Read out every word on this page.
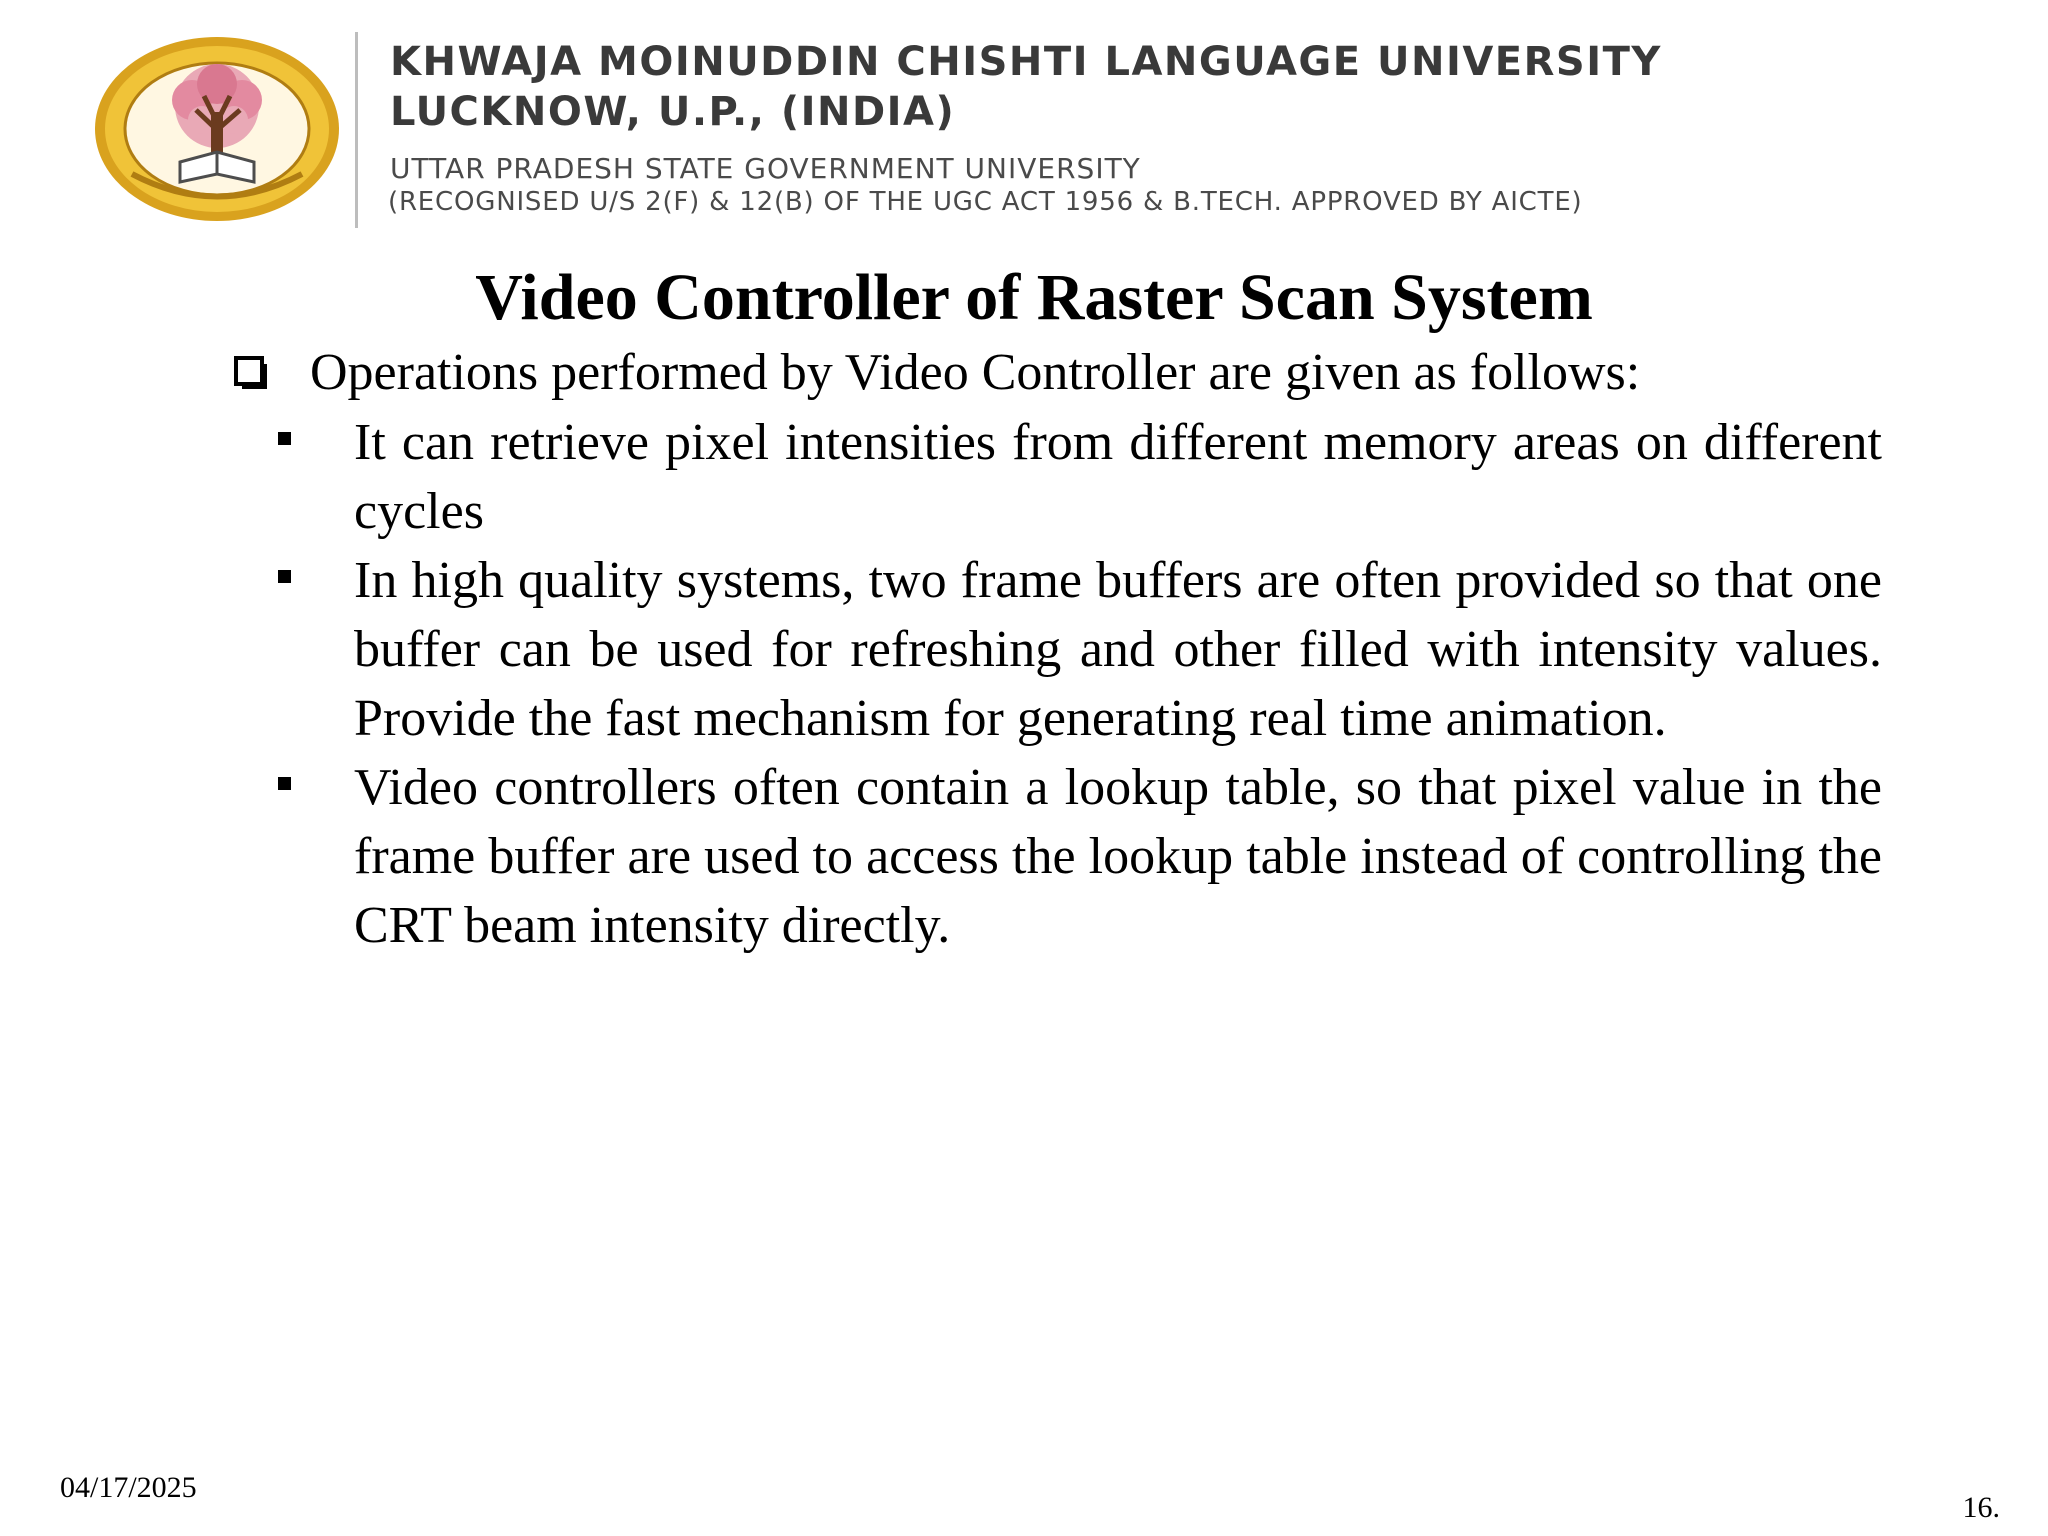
KHWAJA MOINUDDIN CHISHTI LANGUAGE UNIVERSITY
LUCKNOW, U.P., (INDIA)
UTTAR PRADESH STATE GOVERNMENT UNIVERSITY
(RECOGNISED U/S 2(F) & 12(B) OF THE UGC ACT 1956 & B.TECH. APPROVED BY AICTE)
Video Controller of Raster Scan System
Operations performed by Video Controller are given as follows:
It can retrieve pixel intensities from different memory areas on different cycles
In high quality systems, two frame buffers are often provided so that one buffer can be used for refreshing and other filled with intensity values. Provide the fast mechanism for generating real time animation.
Video controllers often contain a lookup table, so that pixel value in the frame buffer are used to access the lookup table instead of controlling the CRT beam intensity directly.
04/17/2025
16.
